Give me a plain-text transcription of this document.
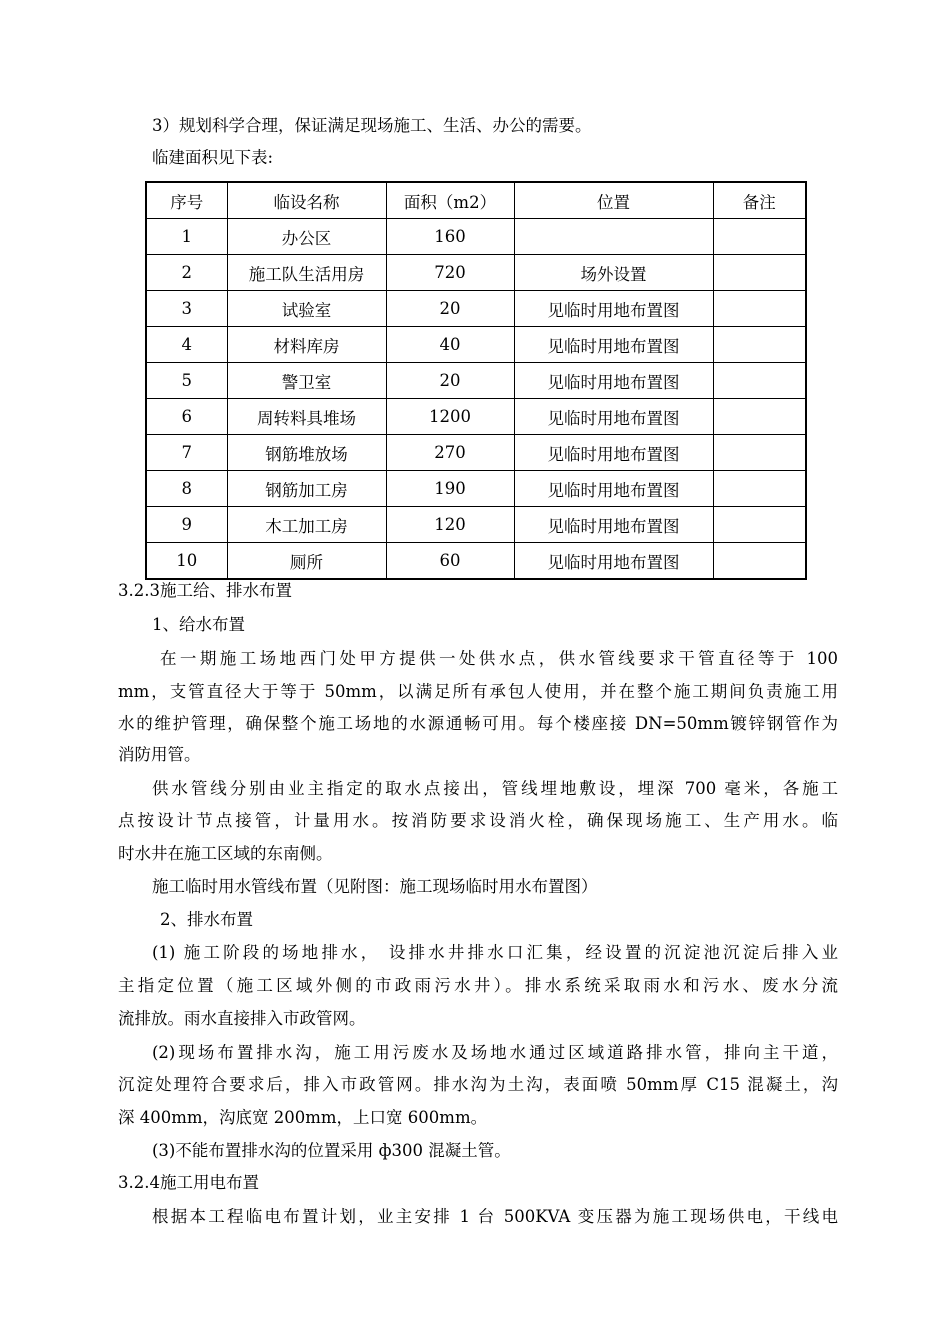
3）规划科学合理，保证满足现场施工、生活、办公的需要。
临建面积见下表:
序号	临设名称	面积（m2）	位置	备注
1	办公区	160		
2	施工队生活用房	720	场外设置	
3	试验室	20	见临时用地布置图	
4	材料库房	40	见临时用地布置图	
5	警卫室	20	见临时用地布置图	
6	周转料具堆场	1200	见临时用地布置图	
7	钢筋堆放场	270	见临时用地布置图	
8	钢筋加工房	190	见临时用地布置图	
9	木工加工房	120	见临时用地布置图	
10	厕所	60	见临时用地布置图	
3.2.3施工给、排水布置
1、给水布置
在一期施工场地西门处甲方提供一处供水点，供水管线要求干管直径等于 100
mm，支管直径大于等于 50mm，以满足所有承包人使用，并在整个施工期间负责施工用
水的维护管理，确保整个施工场地的水源通畅可用。每个楼座接 DN=50mm镀锌钢管作为
消防用管。
供水管线分别由业主指定的取水点接出，管线埋地敷设，埋深 700 毫米，各施工
点按设计节点接管，计量用水。按消防要求设消火栓，确保现场施工、生产用水。临
时水井在施工区域的东南侧。
施工临时用水管线布置（见附图：施工现场临时用水布置图）
2、排水布置
(1) 施工阶段的场地排水， 设排水井排水口汇集，经设置的沉淀池沉淀后排入业
主指定位置（施工区域外侧的市政雨污水井）。排水系统采取雨水和污水、废水分流
流排放。雨水直接排入市政管网。
(2)现场布置排水沟，施工用污废水及场地水通过区域道路排水管，排向主干道，
沉淀处理符合要求后，排入市政管网。排水沟为土沟，表面喷 50mm厚 C15 混凝土，沟
深 400mm，沟底宽 200mm，上口宽 600mm。
(3)不能布置排水沟的位置采用 ф300 混凝土管。
3.2.4施工用电布置
根据本工程临电布置计划，业主安排 1 台 500KVA 变压器为施工现场供电，干线电
